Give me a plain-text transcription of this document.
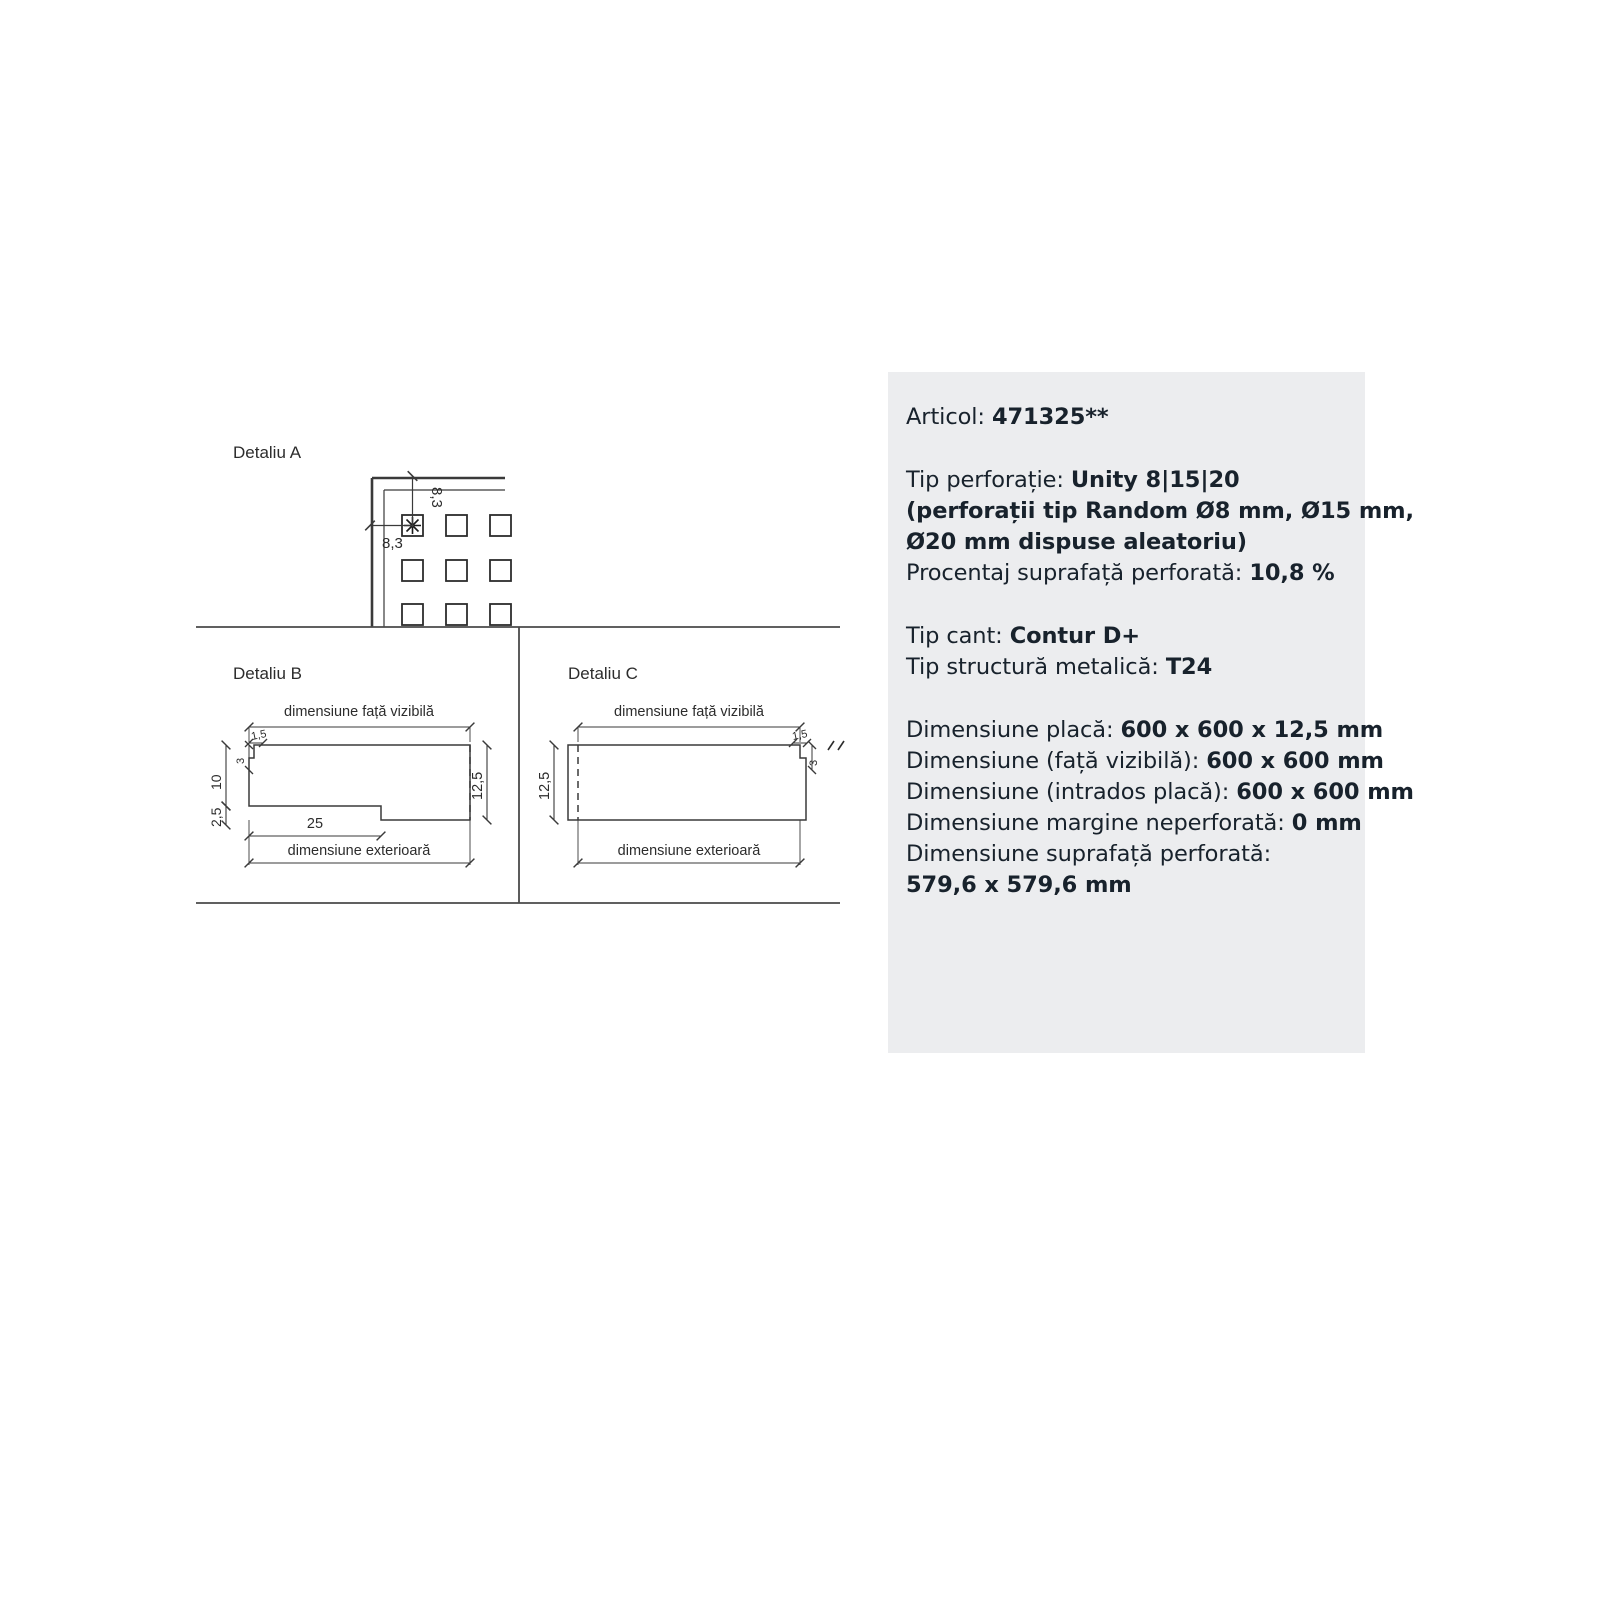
Detaliu A
8,3
8,3
Detaliu B
dimensiune față vizibilă
1,5
3
10
2,5
12,5
25
dimensiune exterioară
Detaliu C
dimensiune față vizibilă
12,5
1,5
3
dimensiune exterioară
Articol: 471325**
Tip perforație: Unity 8|15|20
(perforații tip Random Ø8 mm, Ø15 mm,
Ø20 mm dispuse aleatoriu)
Procentaj suprafață perforată: 10,8 %
Tip cant: Contur D+
Tip structură metalică: T24
Dimensiune placă: 600 x 600 x 12,5 mm
Dimensiune (față vizibilă): 600 x 600 mm
Dimensiune (intrados placă): 600 x 600 mm
Dimensiune margine neperforată: 0 mm
Dimensiune suprafață perforată:
579,6 x 579,6 mm
